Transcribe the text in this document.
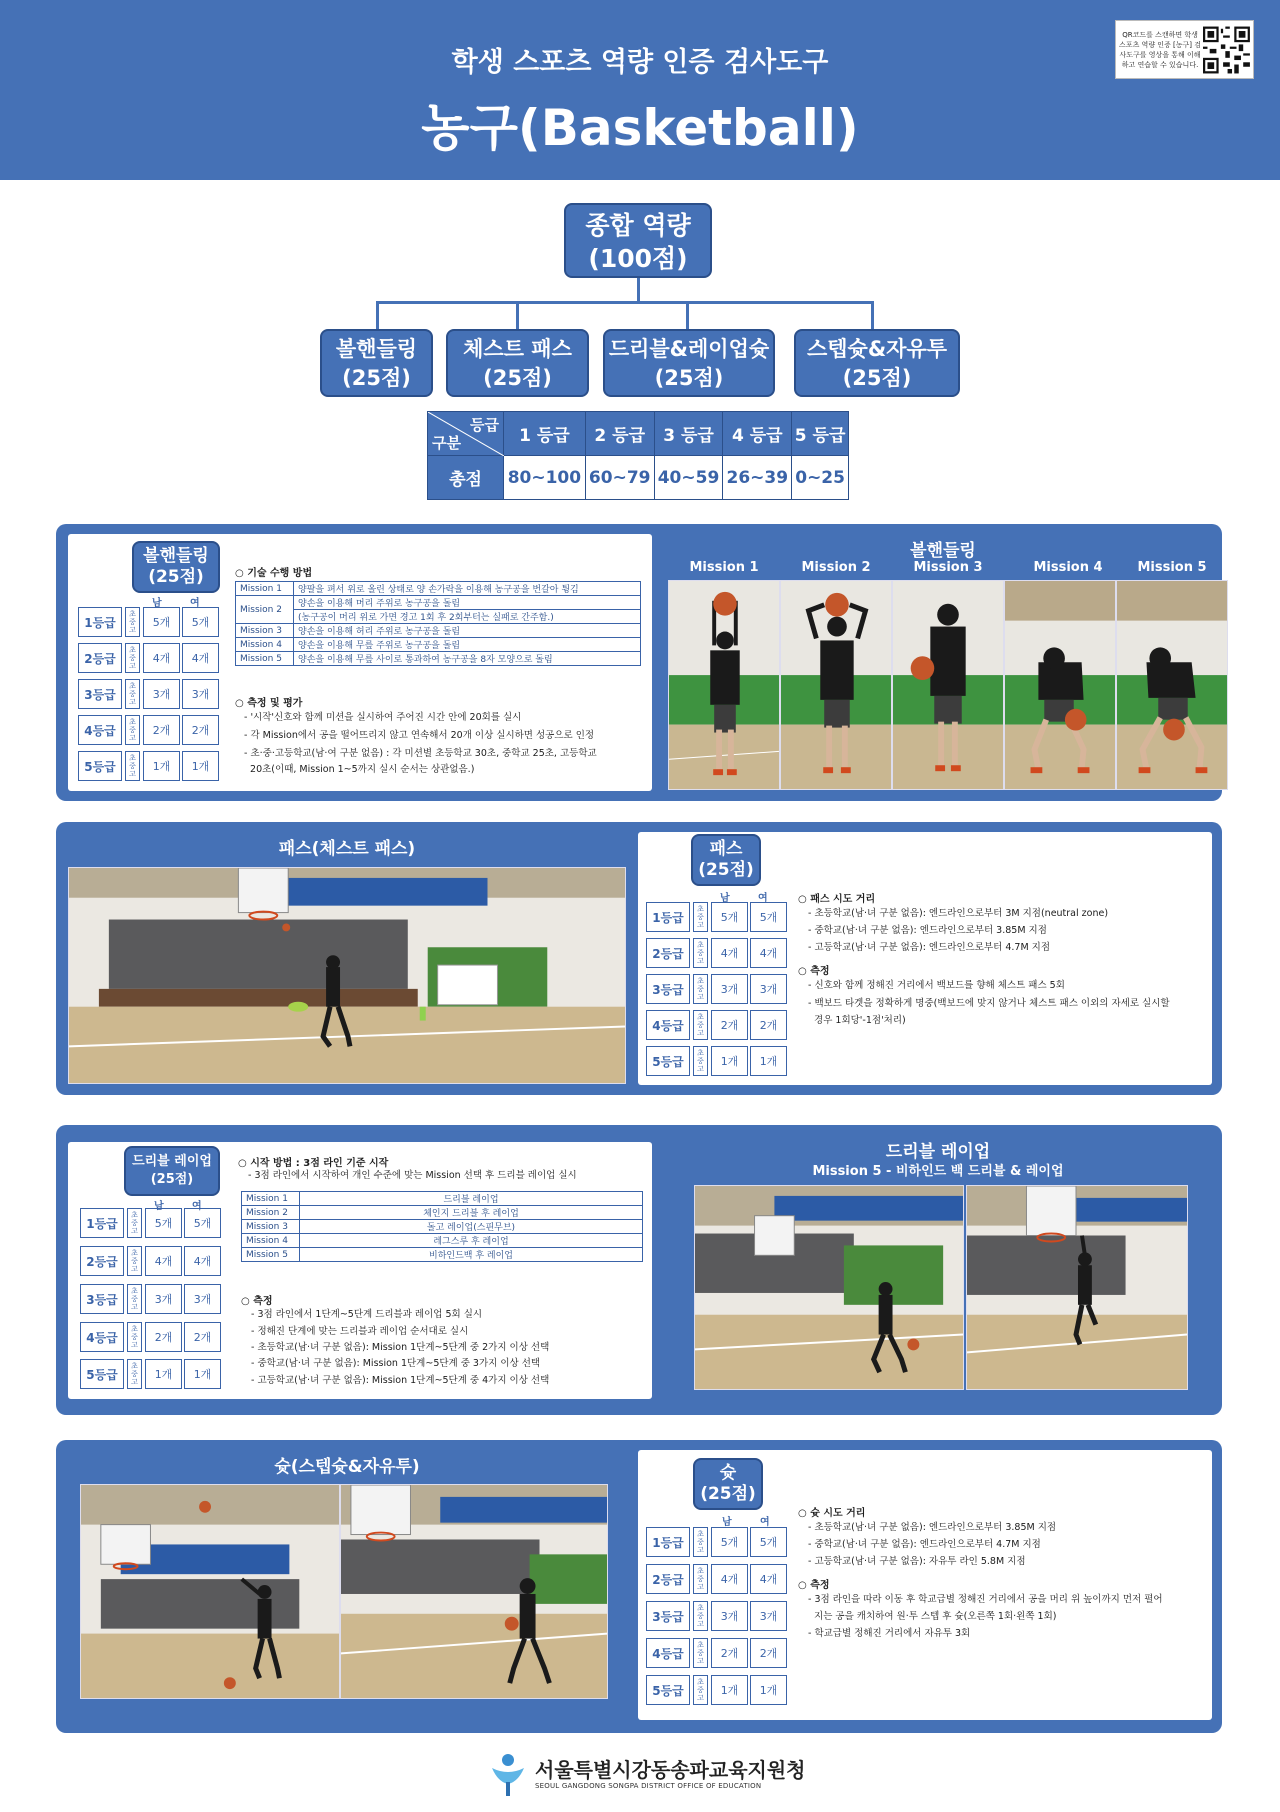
학생 스포츠 역량 인증 검사도구
농구(Basketball)
QR코드를 스캔하면 학생 스포츠 역량 인증 [농구] 검사도구를 영상을 통해 이해하고 연습할 수 있습니다.
종합 역량
(100점)
볼핸들링
(25점)
체스트 패스
(25점)
드리블&레이업슛
(25점)
스텝슛&자유투
(25점)
등급
구분	1 등급	2 등급	3 등급	4 등급	5 등급
총점	80~100	60~79	40~59	26~39	0~25
볼핸들링
(25점)
남	여
1등급
초중고
5개	5개
2등급
초중고
4개	4개
3등급
초중고
3개	3개
4등급
초중고
2개	2개
5등급
초중고
1개	1개
○ 기술 수행 방법
Mission 1	양팔을 펴서 위로 올린 상태로 양 손가락을 이용해 농구공을 번갈아 튕김
Mission 2	양손을 이용해 머리 주위로 농구공을 돌림
	(농구공이 머리 위로 가면 경고 1회 후 2회부터는 실패로 간주함.)
Mission 3	양손을 이용해 허리 주위로 농구공을 돌림
Mission 4	양손을 이용해 무릎 주위로 농구공을 돌림
Mission 5	양손을 이용해 무릎 사이로 통과하여 농구공을 8자 모양으로 돌림
○ 측정 및 평가
- '시작'신호와 함께 미션을 실시하여 주어진 시간 안에 20회를 실시
- 각 Mission에서 공을 떨어뜨리지 않고 연속해서 20개 이상 실시하면 성공으로 인정
- 초·중·고등학교(남·여 구분 없음) : 각 미션별 초등학교 30초, 중학교 25초, 고등학교
20초(이때, Mission 1~5까지 실시 순서는 상관없음.)
볼핸들링
Mission 1	Mission 2	Mission 3	Mission 4	Mission 5
패스(체스트 패스)	패스
(25점)
남	여
1등급
초중고
5개	5개
2등급
초중고
4개	4개
3등급
초중고
3개	3개
4등급
초중고
2개	2개
5등급
초중고
1개	1개
○ 패스 시도 거리
- 초등학교(남·녀 구분 없음): 엔드라인으로부터 3M 지점(neutral zone)
- 중학교(남·녀 구분 없음): 엔드라인으로부터 3.85M 지점
- 고등학교(남·녀 구분 없음): 엔드라인으로부터 4.7M 지점
○ 측정
- 신호와 함께 정해진 거리에서 백보드를 향해 체스트 패스 5회
- 백보드 타겟을 정확하게 명중(백보드에 맞지 않거나 체스트 패스 이외의 자세로 실시할
경우 1회당'-1점'처리)
드리블 레이업
(25점)
남	여
1등급
초중고
5개	5개
2등급
초중고
4개	4개
3등급
초중고
3개	3개
4등급
초중고
2개	2개
5등급
초중고
1개	1개
○ 시작 방법 : 3점 라인 기준 시작
- 3점 라인에서 시작하여 개인 수준에 맞는 Mission 선택 후 드리블 레이업 실시
Mission 1	드리블 레이업
Mission 2	체인지 드리블 후 레이업
Mission 3	돌고 레이업(스핀무브)
Mission 4	레그스루 후 레이업
Mission 5	비하인드백 후 레이업
○ 측정
- 3점 라인에서 1단계~5단계 드리블과 레이업 5회 실시
- 정해진 단계에 맞는 드리블과 레이업 순서대로 실시
- 초등학교(남·녀 구분 없음): Mission 1단계~5단계 중 2가지 이상 선택
- 중학교(남·녀 구분 없음): Mission 1단계~5단계 중 3가지 이상 선택
- 고등학교(남·녀 구분 없음): Mission 1단계~5단계 중 4가지 이상 선택
드리블 레이업
Mission 5 - 비하인드 백 드리블 & 레이업
슛(스텝슛&자유투)	슛
(25점)
남	여
1등급
초중고
5개	5개
2등급
초중고
4개	4개
3등급
초중고
3개	3개
4등급
초중고
2개	2개
5등급
초중고
1개	1개
○ 슛 시도 거리
- 초등학교(남·녀 구분 없음): 엔드라인으로부터 3.85M 지점
- 중학교(남·녀 구분 없음): 엔드라인으로부터 4.7M 지점
- 고등학교(남·녀 구분 없음): 자유투 라인 5.8M 지점
○ 측정
- 3점 라인을 따라 이동 후 학교급별 정해진 거리에서 공을 머리 위 높이까지 먼저 펼어
지는 공을 캐치하여 원·투 스텝 후 슛(오른쪽 1회·왼쪽 1회)
- 학교급별 정해진 거리에서 자유투 3회
서울특별시강동송파교육지원청
SEOUL GANGDONG SONGPA DISTRICT OFFICE OF EDUCATION
